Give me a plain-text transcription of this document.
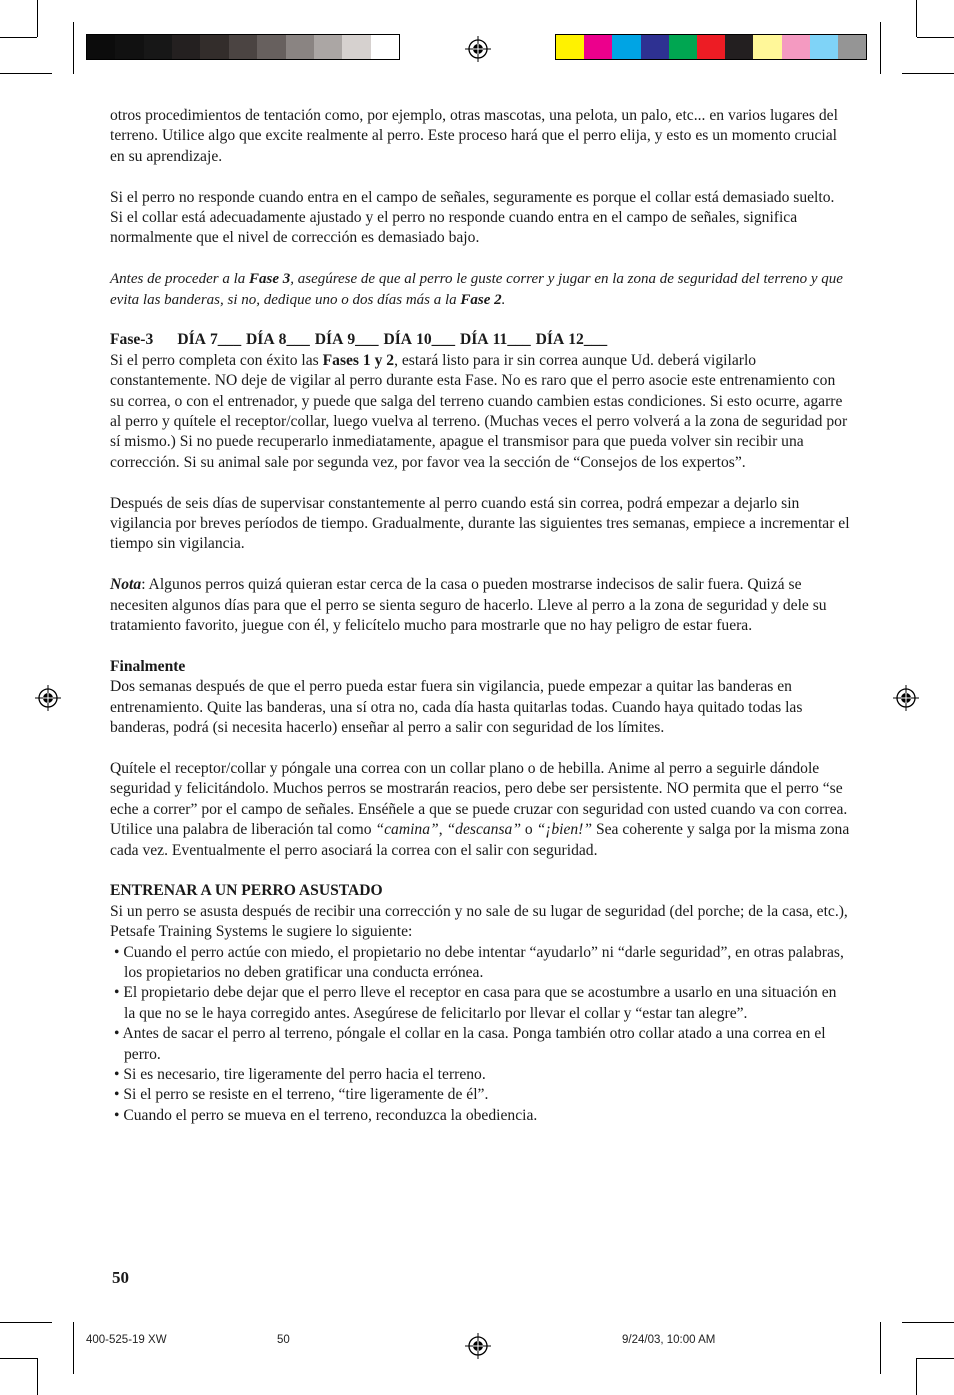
otros procedimientos de tentación como, por ejemplo, otras mascotas, una pelota, un palo, etc... en varios lugares del terreno. Utilice algo que excite realmente al perro. Este proceso hará que el perro elija, y esto es un momento crucial en su aprendizaje.

Si el perro no responde cuando entra en el campo de señales, seguramente es porque el collar está demasiado suelto. Si el collar está adecuadamente ajustado y el perro no responde cuando entra en el campo de señales, significa normalmente que el nivel de corrección es demasiado bajo.

Antes de proceder a la Fase 3, asegúrese de que al perro le guste correr y jugar en la zona de seguridad del terreno y que evita las banderas, si no, dedique uno o dos días más a la Fase 2.

Fase-3 DÍA 7___ DÍA 8___ DÍA 9___ DÍA 10___ DÍA 11___ DÍA 12___

Si el perro completa con éxito las Fases 1 y 2, estará listo para ir sin correa aunque Ud. deberá vigilarlo constantemente. NO deje de vigilar al perro durante esta Fase. No es raro que el perro asocie este entrenamiento con su correa, o con el entrenador, y puede que salga del terreno cuando cambien estas condiciones. Si esto ocurre, agarre al perro y quítele el receptor/collar, luego vuelva al terreno. (Muchas veces el perro volverá a la zona de seguridad por sí mismo.) Si no puede recuperarlo inmediatamente, apague el transmisor para que pueda volver sin recibir una corrección. Si su animal sale por segunda vez, por favor vea la sección de “Consejos de los expertos”.

Después de seis días de supervisar constantemente al perro cuando está sin correa, podrá empezar a dejarlo sin vigilancia por breves períodos de tiempo. Gradualmente, durante las siguientes tres semanas, empiece a incrementar el tiempo sin vigilancia.

Nota: Algunos perros quizá quieran estar cerca de la casa o pueden mostrarse indecisos de salir fuera. Quizá se necesiten algunos días para que el perro se sienta seguro de hacerlo. Lleve al perro a la zona de seguridad y dele su tratamiento favorito, juegue con él, y felicítelo mucho para mostrarle que no hay peligro de estar fuera.

Finalmente

Dos semanas después de que el perro pueda estar fuera sin vigilancia, puede empezar a quitar las banderas en entrenamiento. Quite las banderas, una sí otra no, cada día hasta quitarlas todas. Cuando haya quitado todas las banderas, podrá (si necesita hacerlo) enseñar al perro a salir con seguridad de los límites.

Quítele el receptor/collar y póngale una correa con un collar plano o de hebilla. Anime al perro a seguirle dándole seguridad y felicitándolo. Muchos perros se mostrarán reacios, pero debe ser persistente. NO permita que el perro “se eche a correr” por el campo de señales. Enséñele a que se puede cruzar con seguridad con usted cuando va con correa. Utilice una palabra de liberación tal como “camina”, “descansa” o “¡bien!” Sea coherente y salga por la misma zona cada vez. Eventualmente el perro asociará la correa con el salir con seguridad.

ENTRENAR A UN PERRO ASUSTADO
Si un perro se asusta después de recibir una corrección y no sale de su lugar de seguridad (del porche; de la casa, etc.), Petsafe Training Systems le sugiere lo siguiente:
• Cuando el perro actúe con miedo, el propietario no debe intentar “ayudarlo” ni “darle seguridad”, en otras palabras, los propietarios no deben gratificar una conducta errónea.
• El propietario debe dejar que el perro lleve el receptor en casa para que se acostumbre a usarlo en una situación en la que no se le haya corregido antes. Asegúrese de felicitarlo por llevar el collar y “estar tan alegre”.
• Antes de sacar el perro al terreno, póngale el collar en la casa. Ponga también otro collar atado a una correa en el perro.
• Si es necesario, tire ligeramente del perro hacia el terreno.
• Si el perro se resiste en el terreno, “tire ligeramente de él”.
• Cuando el perro se mueva en el terreno, reconduzca la obediencia.
50
400-525-19 XW	50	9/24/03, 10:00 AM
